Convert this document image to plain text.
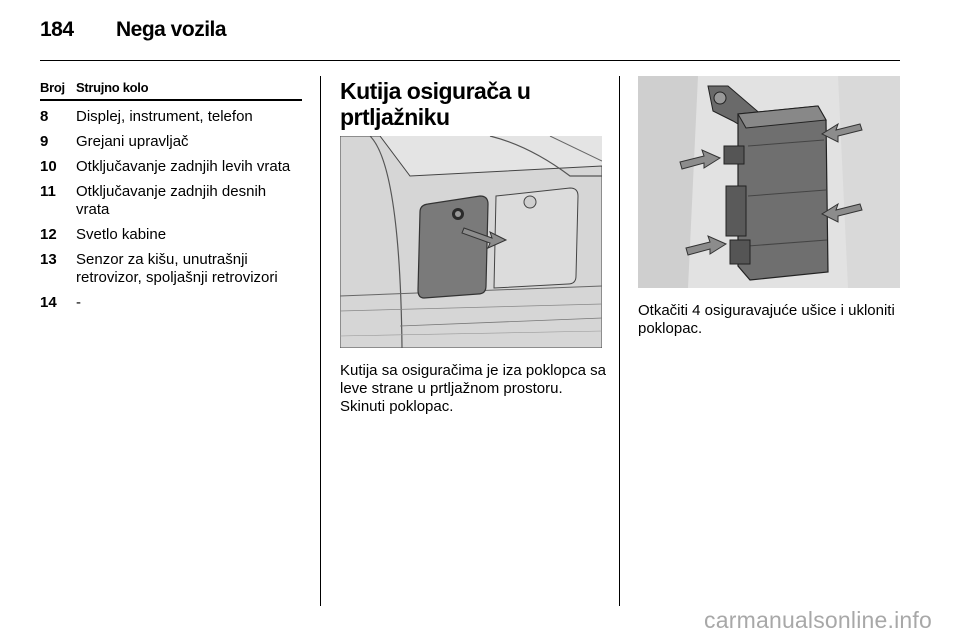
184 Nega vozila
Broj Strujno kolo
8	Displej, instrument, telefon
9	Grejani upravljač
10	Otključavanje zadnjih levih vrata
11	Otključavanje zadnjih desnih vrata
12	Svetlo kabine
13	Senzor za kišu, unutrašnji retrovizor, spoljašnji retrovizori
14	-
Kutija osigurača u prtljažniku
Kutija sa osiguračima je iza poklopca sa leve strane u prtljažnom prostoru. Skinuti poklopac.
Otkačiti 4 osiguravajuće ušice i ukloniti poklopac.
carmanualsonline.info
